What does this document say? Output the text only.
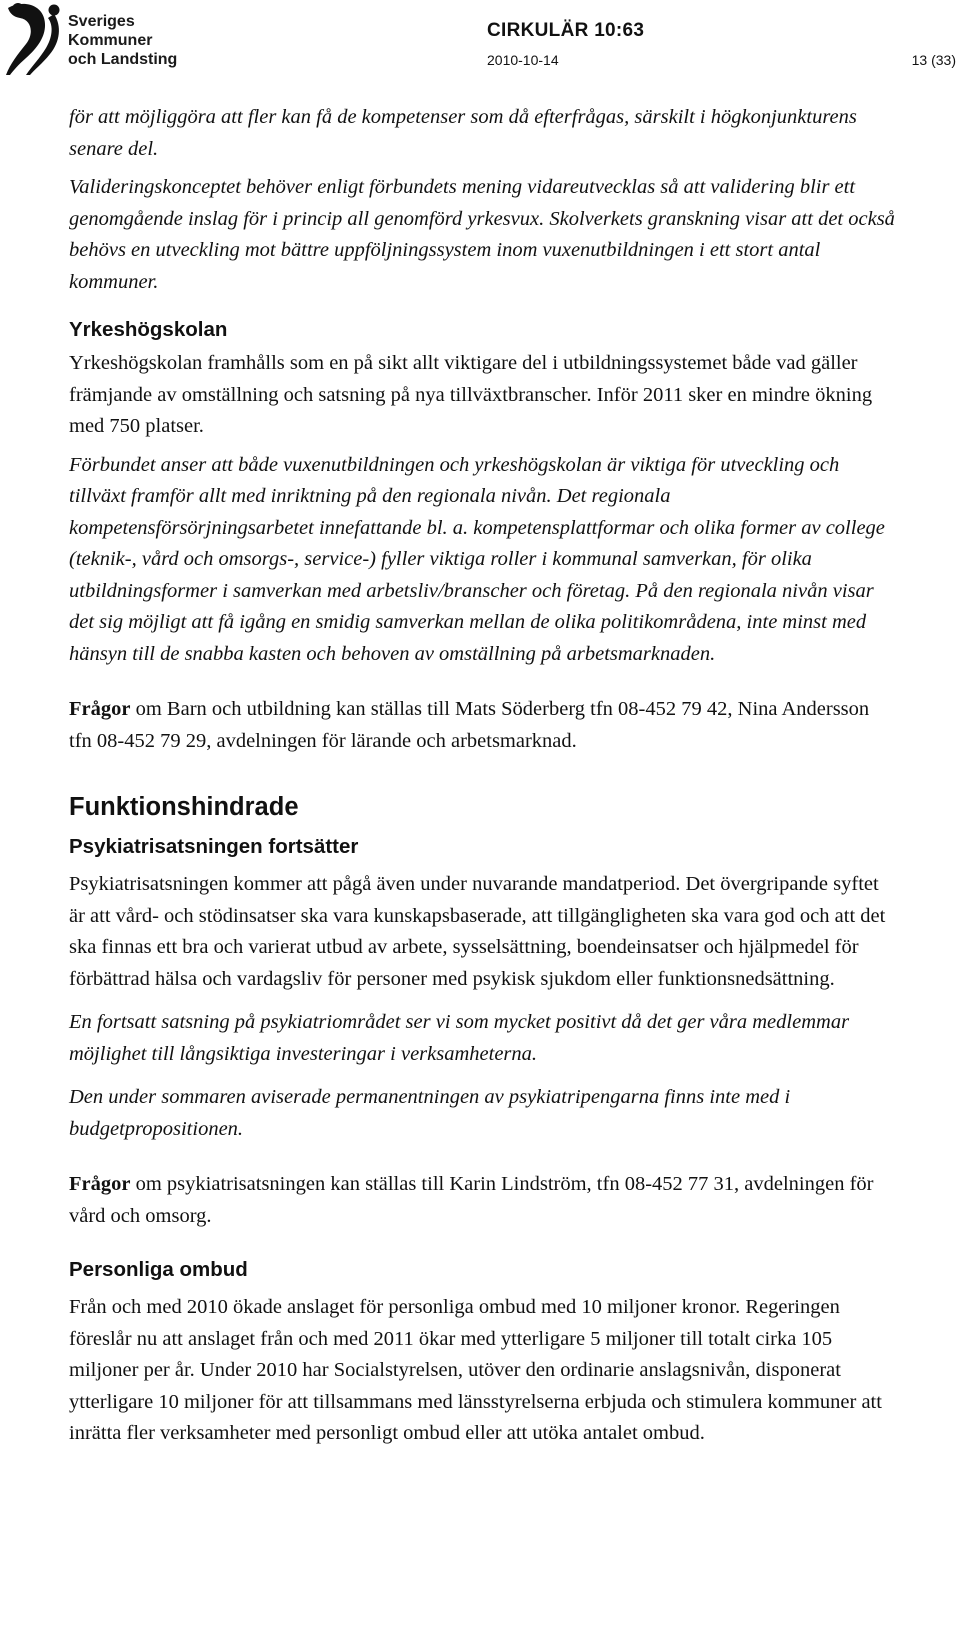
Sveriges
Kommuner
och Landsting
CIRKULÄR 10:63
2010-10-14	13 (33)

för att möjliggöra att fler kan få de kompetenser som då efterfrågas, särskilt i högkonjunkturens senare del.

Valideringskonceptet behöver enligt förbundets mening vidareutvecklas så att validering blir ett genomgående inslag för i princip all genomförd yrkesvux. Skolverkets granskning visar att det också behövs en utveckling mot bättre uppföljningssystem inom vuxenutbildningen i ett stort antal kommuner.

Yrkeshögskolan

Yrkeshögskolan framhålls som en på sikt allt viktigare del i utbildningssystemet både vad gäller främjande av omställning och satsning på nya tillväxtbranscher. Inför 2011 sker en mindre ökning med 750 platser.

Förbundet anser att både vuxenutbildningen och yrkeshögskolan är viktiga för utveckling och tillväxt framför allt med inriktning på den regionala nivån. Det regionala kompetensförsörjningsarbetet innefattande bl. a. kompetensplattformar och olika former av college (teknik-, vård och omsorgs-, service-) fyller viktiga roller i kommunal samverkan, för olika utbildningsformer i samverkan med arbetsliv/branscher och företag. På den regionala nivån visar det sig möjligt att få igång en smidig samverkan mellan de olika politikområdena, inte minst med hänsyn till de snabba kasten och behoven av omställning på arbetsmarknaden.

Frågor om Barn och utbildning kan ställas till Mats Söderberg tfn 08-452 79 42, Nina Andersson tfn 08-452 79 29, avdelningen för lärande och arbetsmarknad.

Funktionshindrade
Psykiatrisatsningen fortsätter

Psykiatrisatsningen kommer att pågå även under nuvarande mandatperiod. Det övergripande syftet är att vård- och stödinsatser ska vara kunskapsbaserade, att tillgängligheten ska vara god och att det ska finnas ett bra och varierat utbud av arbete, sysselsättning, boendeinsatser och hjälpmedel för förbättrad hälsa och vardagsliv för personer med psykisk sjukdom eller funktionsnedsättning.

En fortsatt satsning på psykiatriområdet ser vi som mycket positivt då det ger våra medlemmar möjlighet till långsiktiga investeringar i verksamheterna.

Den under sommaren aviserade permanentningen av psykiatripengarna finns inte med i budgetpropositionen.

Frågor om psykiatrisatsningen kan ställas till Karin Lindström, tfn 08-452 77 31, avdelningen för vård och omsorg.

Personliga ombud

Från och med 2010 ökade anslaget för personliga ombud med 10 miljoner kronor. Regeringen föreslår nu att anslaget från och med 2011 ökar med ytterligare 5 miljoner till totalt cirka 105 miljoner per år. Under 2010 har Socialstyrelsen, utöver den ordinarie anslagsnivån, disponerat ytterligare 10 miljoner för att tillsammans med länsstyrelserna erbjuda och stimulera kommuner att inrätta fler verksamheter med personligt ombud eller att utöka antalet ombud.
